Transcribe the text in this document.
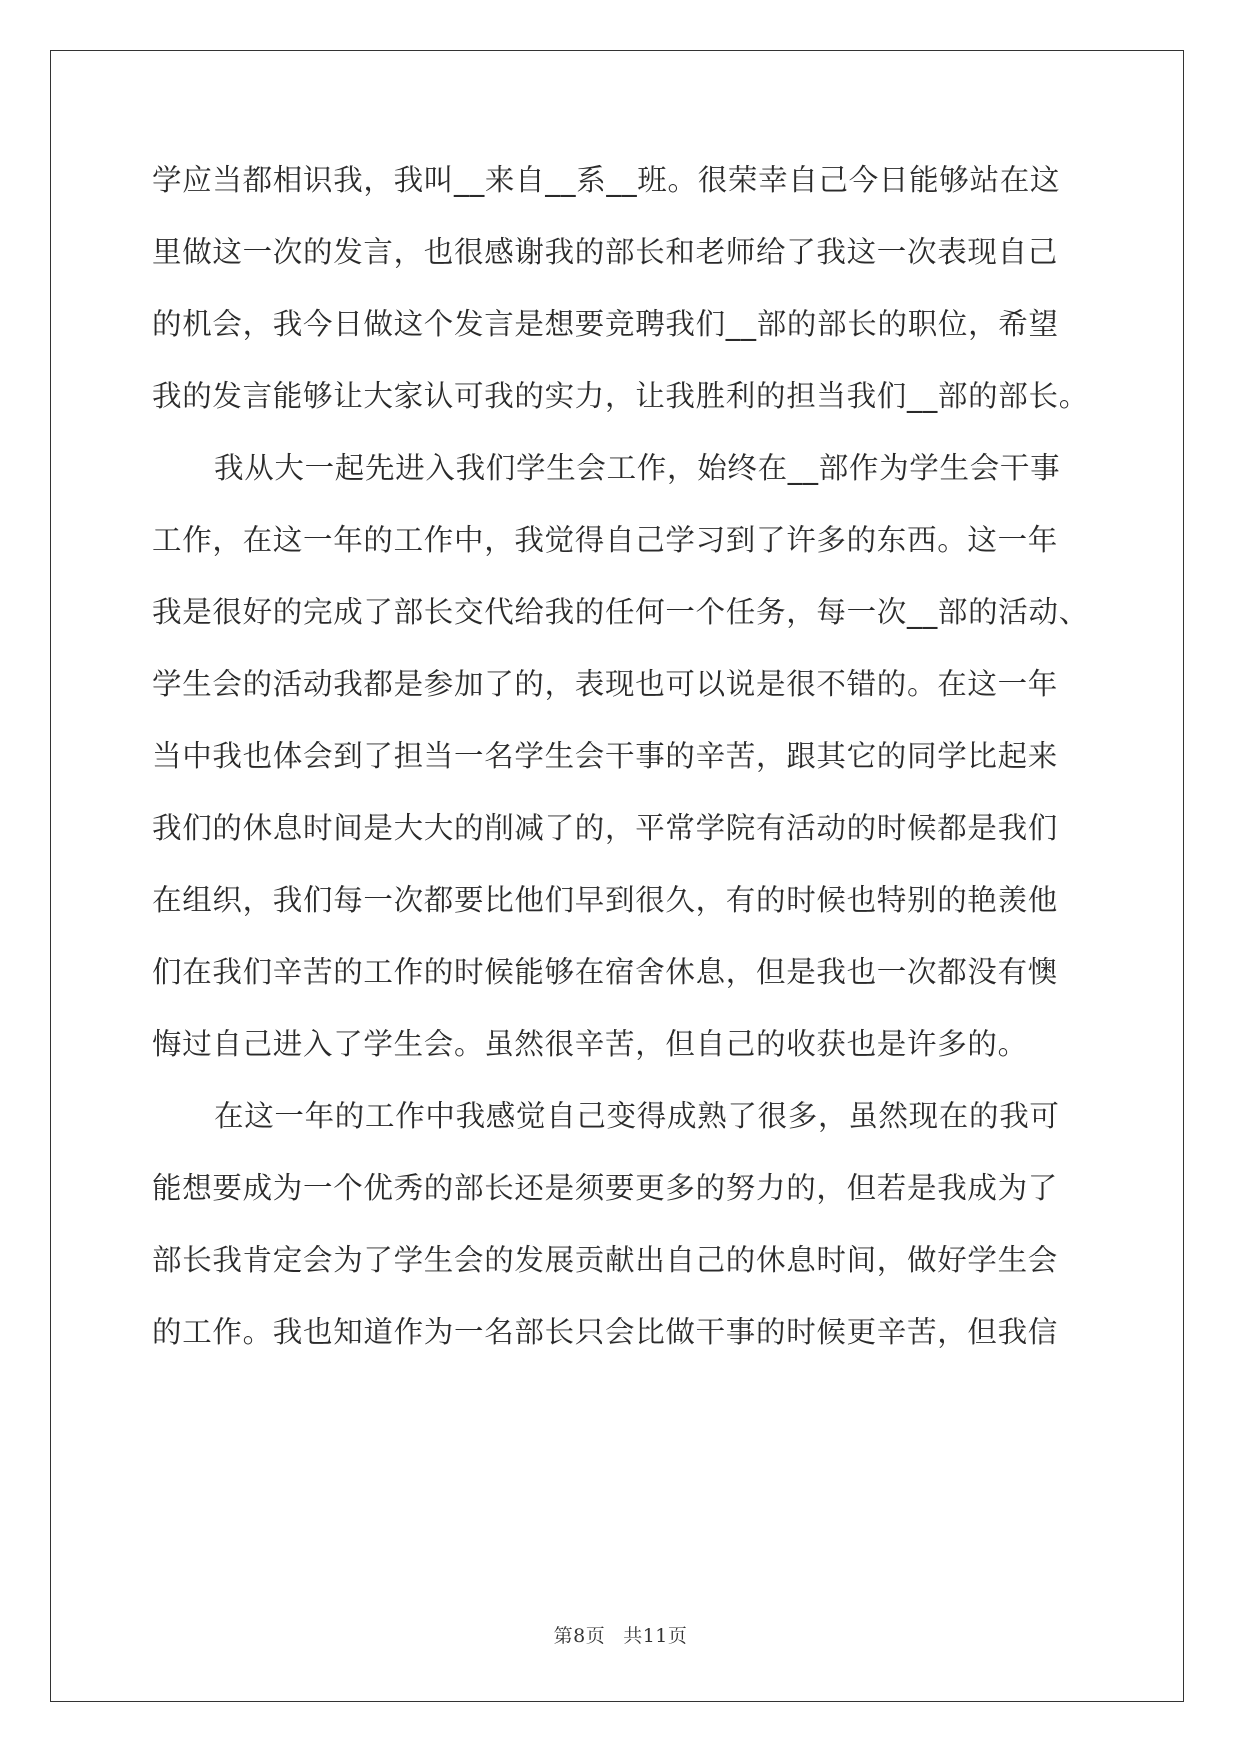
学应当都相识我，我叫__来自__系__班。很荣幸自己今日能够站在这
里做这一次的发言，也很感谢我的部长和老师给了我这一次表现自己
的机会，我今日做这个发言是想要竞聘我们__部的部长的职位，希望
我的发言能够让大家认可我的实力，让我胜利的担当我们__部的部长。
我从大一起先进入我们学生会工作，始终在__部作为学生会干事
工作，在这一年的工作中，我觉得自己学习到了许多的东西。这一年
我是很好的完成了部长交代给我的任何一个任务，每一次__部的活动、
学生会的活动我都是参加了的，表现也可以说是很不错的。在这一年
当中我也体会到了担当一名学生会干事的辛苦，跟其它的同学比起来
我们的休息时间是大大的削减了的，平常学院有活动的时候都是我们
在组织，我们每一次都要比他们早到很久，有的时候也特别的艳羡他
们在我们辛苦的工作的时候能够在宿舍休息，但是我也一次都没有懊
悔过自己进入了学生会。虽然很辛苦，但自己的收获也是许多的。
在这一年的工作中我感觉自己变得成熟了很多，虽然现在的我可
能想要成为一个优秀的部长还是须要更多的努力的，但若是我成为了
部长我肯定会为了学生会的发展贡献出自己的休息时间，做好学生会
的工作。我也知道作为一名部长只会比做干事的时候更辛苦，但我信
第8页 共11页
